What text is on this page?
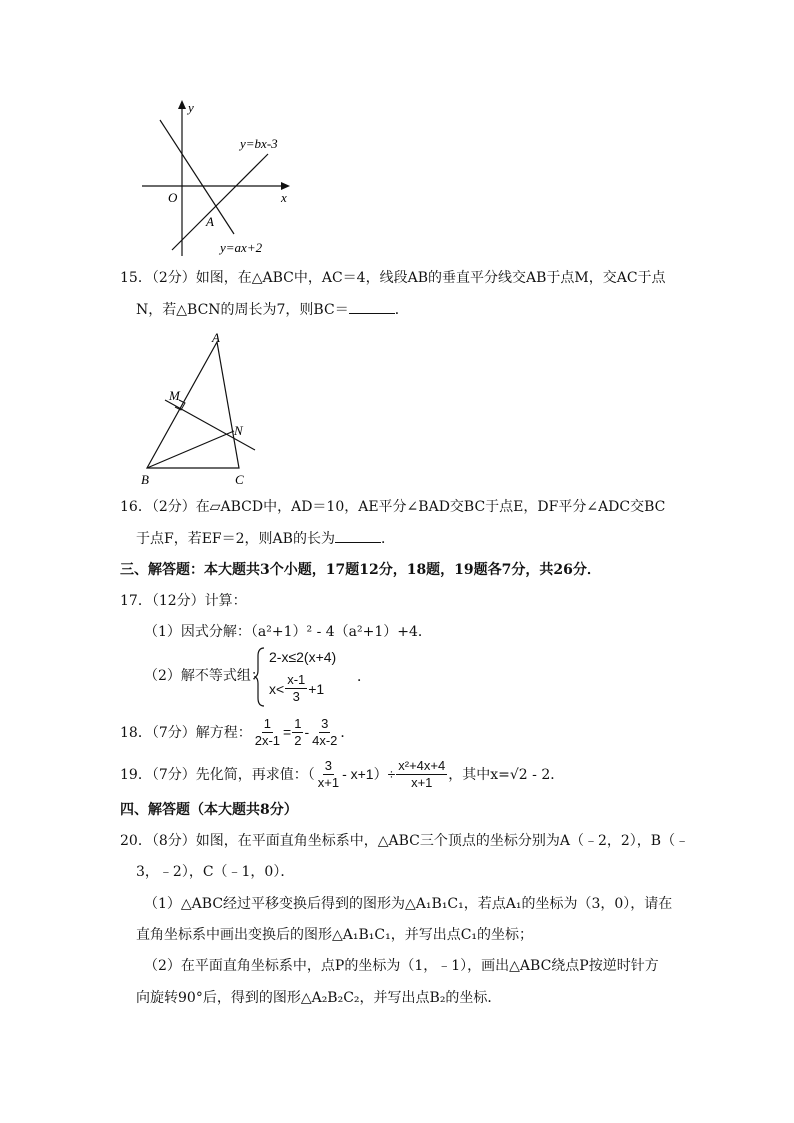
y
x
O
A
y=bx-3
y=ax+2
15．（2分）如图，在△ABC中，AC＝4，线段AB的垂直平分线交AB于点M，交AC于点
N，若△BCN的周长为7，则BC＝	．
A
B	C
M
N
16．（2分）在▱ABCD中，AD＝10，AE平分∠BAD交BC于点E，DF平分∠ADC交BC
于点F，若EF＝2，则AB的长为	．
三、解答题：本大题共3个小题，17题12分，18题，19题各7分，共26分．
17．（12分）计算：
（1）因式分解：（a²+1）² - 4（a²+1）+4．
（2）解不等式组：
2-x≤2(x+4)
$x< \frac{x-1}{3} +1$
．
18．（7分）解方程： $\frac{1}{2x-1} = \frac{1}{2} - \frac{3}{4x-2}$ ．
19．（7分）先化简，再求值：（ $\frac{3}{x+1} - x+1)\div \frac{\text{x²+4x+4}}{x+1}$ ，其中x=√2 - 2．
四、解答题（本大题共8分）
20．（8分）如图，在平面直角坐标系中，△ABC三个顶点的坐标分别为A（﹣2，2），B（﹣
3，﹣2），C（﹣1，0）．
（1）△ABC经过平移变换后得到的图形为△A₁B₁C₁，若点A₁的坐标为（3，0），请在
直角坐标系中画出变换后的图形△A₁B₁C₁，并写出点C₁的坐标；
（2）在平面直角坐标系中，点P的坐标为（1，﹣1），画出△ABC绕点P按逆时针方
向旋转90°后，得到的图形△A₂B₂C₂，并写出点B₂的坐标．
